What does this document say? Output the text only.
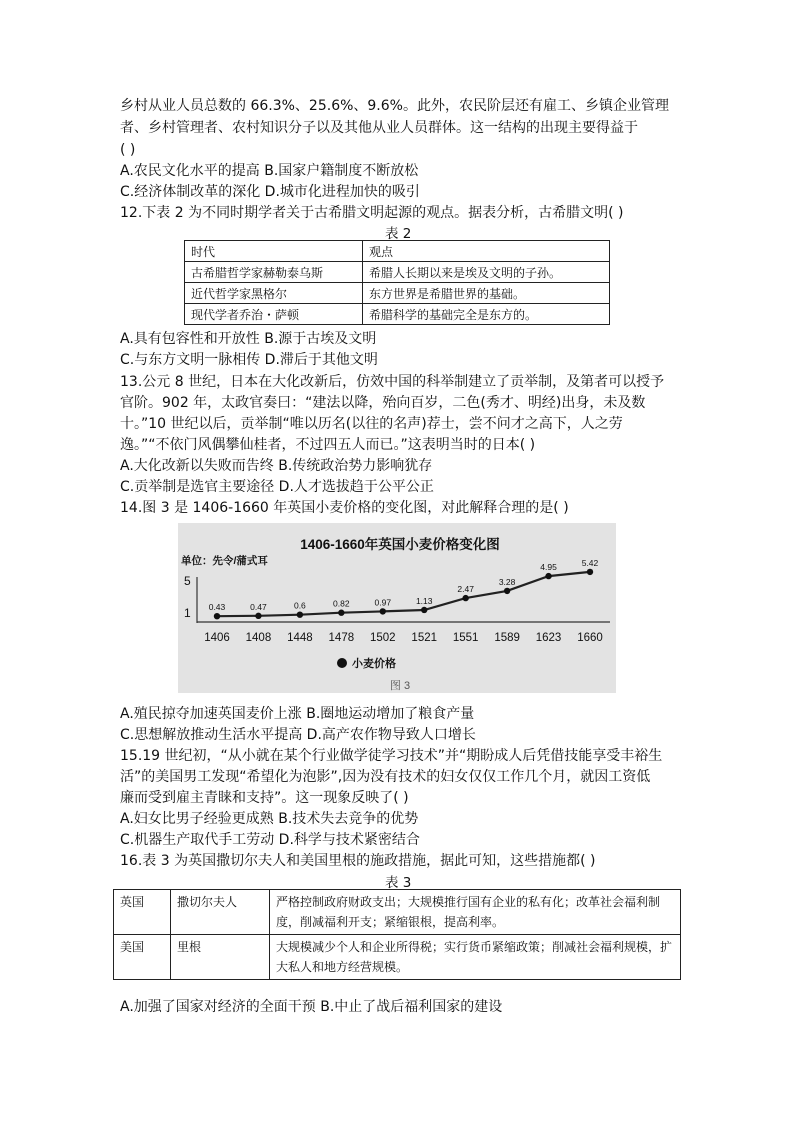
乡村从业人员总数的 66.3%、25.6%、9.6%。此外，农民阶层还有雇工、乡镇企业管理
者、乡村管理者、农村知识分子以及其他从业人员群体。这一结构的出现主要得益于
( )
A.农民文化水平的提高 B.国家户籍制度不断放松
C.经济体制改革的深化 D.城市化进程加快的吸引
12.下表 2 为不同时期学者关于古希腊文明起源的观点。据表分析，古希腊文明( )
表 2
时代	观点
古希腊哲学家赫勒泰乌斯	希腊人长期以来是埃及文明的子孙。
近代哲学家黑格尔	东方世界是希腊世界的基础。
现代学者乔治・萨顿	希腊科学的基础完全是东方的。
A.具有包容性和开放性 B.源于古埃及文明
C.与东方文明一脉相传 D.滞后于其他文明
13.公元 8 世纪，日本在大化改新后，仿效中国的科举制建立了贡举制，及第者可以授予
官阶。902 年，太政官奏曰：“建法以降，殆向百岁，二色(秀才、明经)出身，未及数
十。”10 世纪以后，贡举制“唯以历名(以往的名声)荐士，尝不问才之高下，人之劳
逸。”“不依门风偶攀仙桂者，不过四五人而已。”这表明当时的日本( )
A.大化改新以失败而告终 B.传统政治势力影响犹存
C.贡举制是选官主要途径 D.人才选拔趋于公平公正
14.图 3 是 1406-1660 年英国小麦价格的变化图，对此解释合理的是( )
1406-1660年英国小麦价格变化图
单位：先令/蒲式耳
5
1 0.43
1406
0.47
1408
0.6
1448
0.82
1478
0.97
1502
1.13
1521
2.47
1551
3.28
1589
4.95
1623
5.42
1660
小麦价格
图 3
A.殖民掠夺加速英国麦价上涨 B.圈地运动增加了粮食产量
C.思想解放推动生活水平提高 D.高产农作物导致人口增长
15.19 世纪初，“从小就在某个行业做学徒学习技术”并“期盼成人后凭借技能享受丰裕生
活”的美国男工发现“希望化为泡影”,因为没有技术的妇女仅仅工作几个月，就因工资低
廉而受到雇主青睐和支持”。这一现象反映了( )
A.妇女比男子经验更成熟 B.技术失去竞争的优势
C.机器生产取代手工劳动 D.科学与技术紧密结合
16.表 3 为英国撒切尔夫人和美国里根的施政措施，据此可知，这些措施都( )
表 3
英国	撒切尔夫人	严格控制政府财政支出；大规模推行国有企业的私有化；改革社会福利制度，削减福利开支；紧缩银根，提高利率。
美国	里根	大规模减少个人和企业所得税；实行货币紧缩政策；削减社会福利规模，扩大私人和地方经营规模。
A.加强了国家对经济的全面干预 B.中止了战后福利国家的建设
